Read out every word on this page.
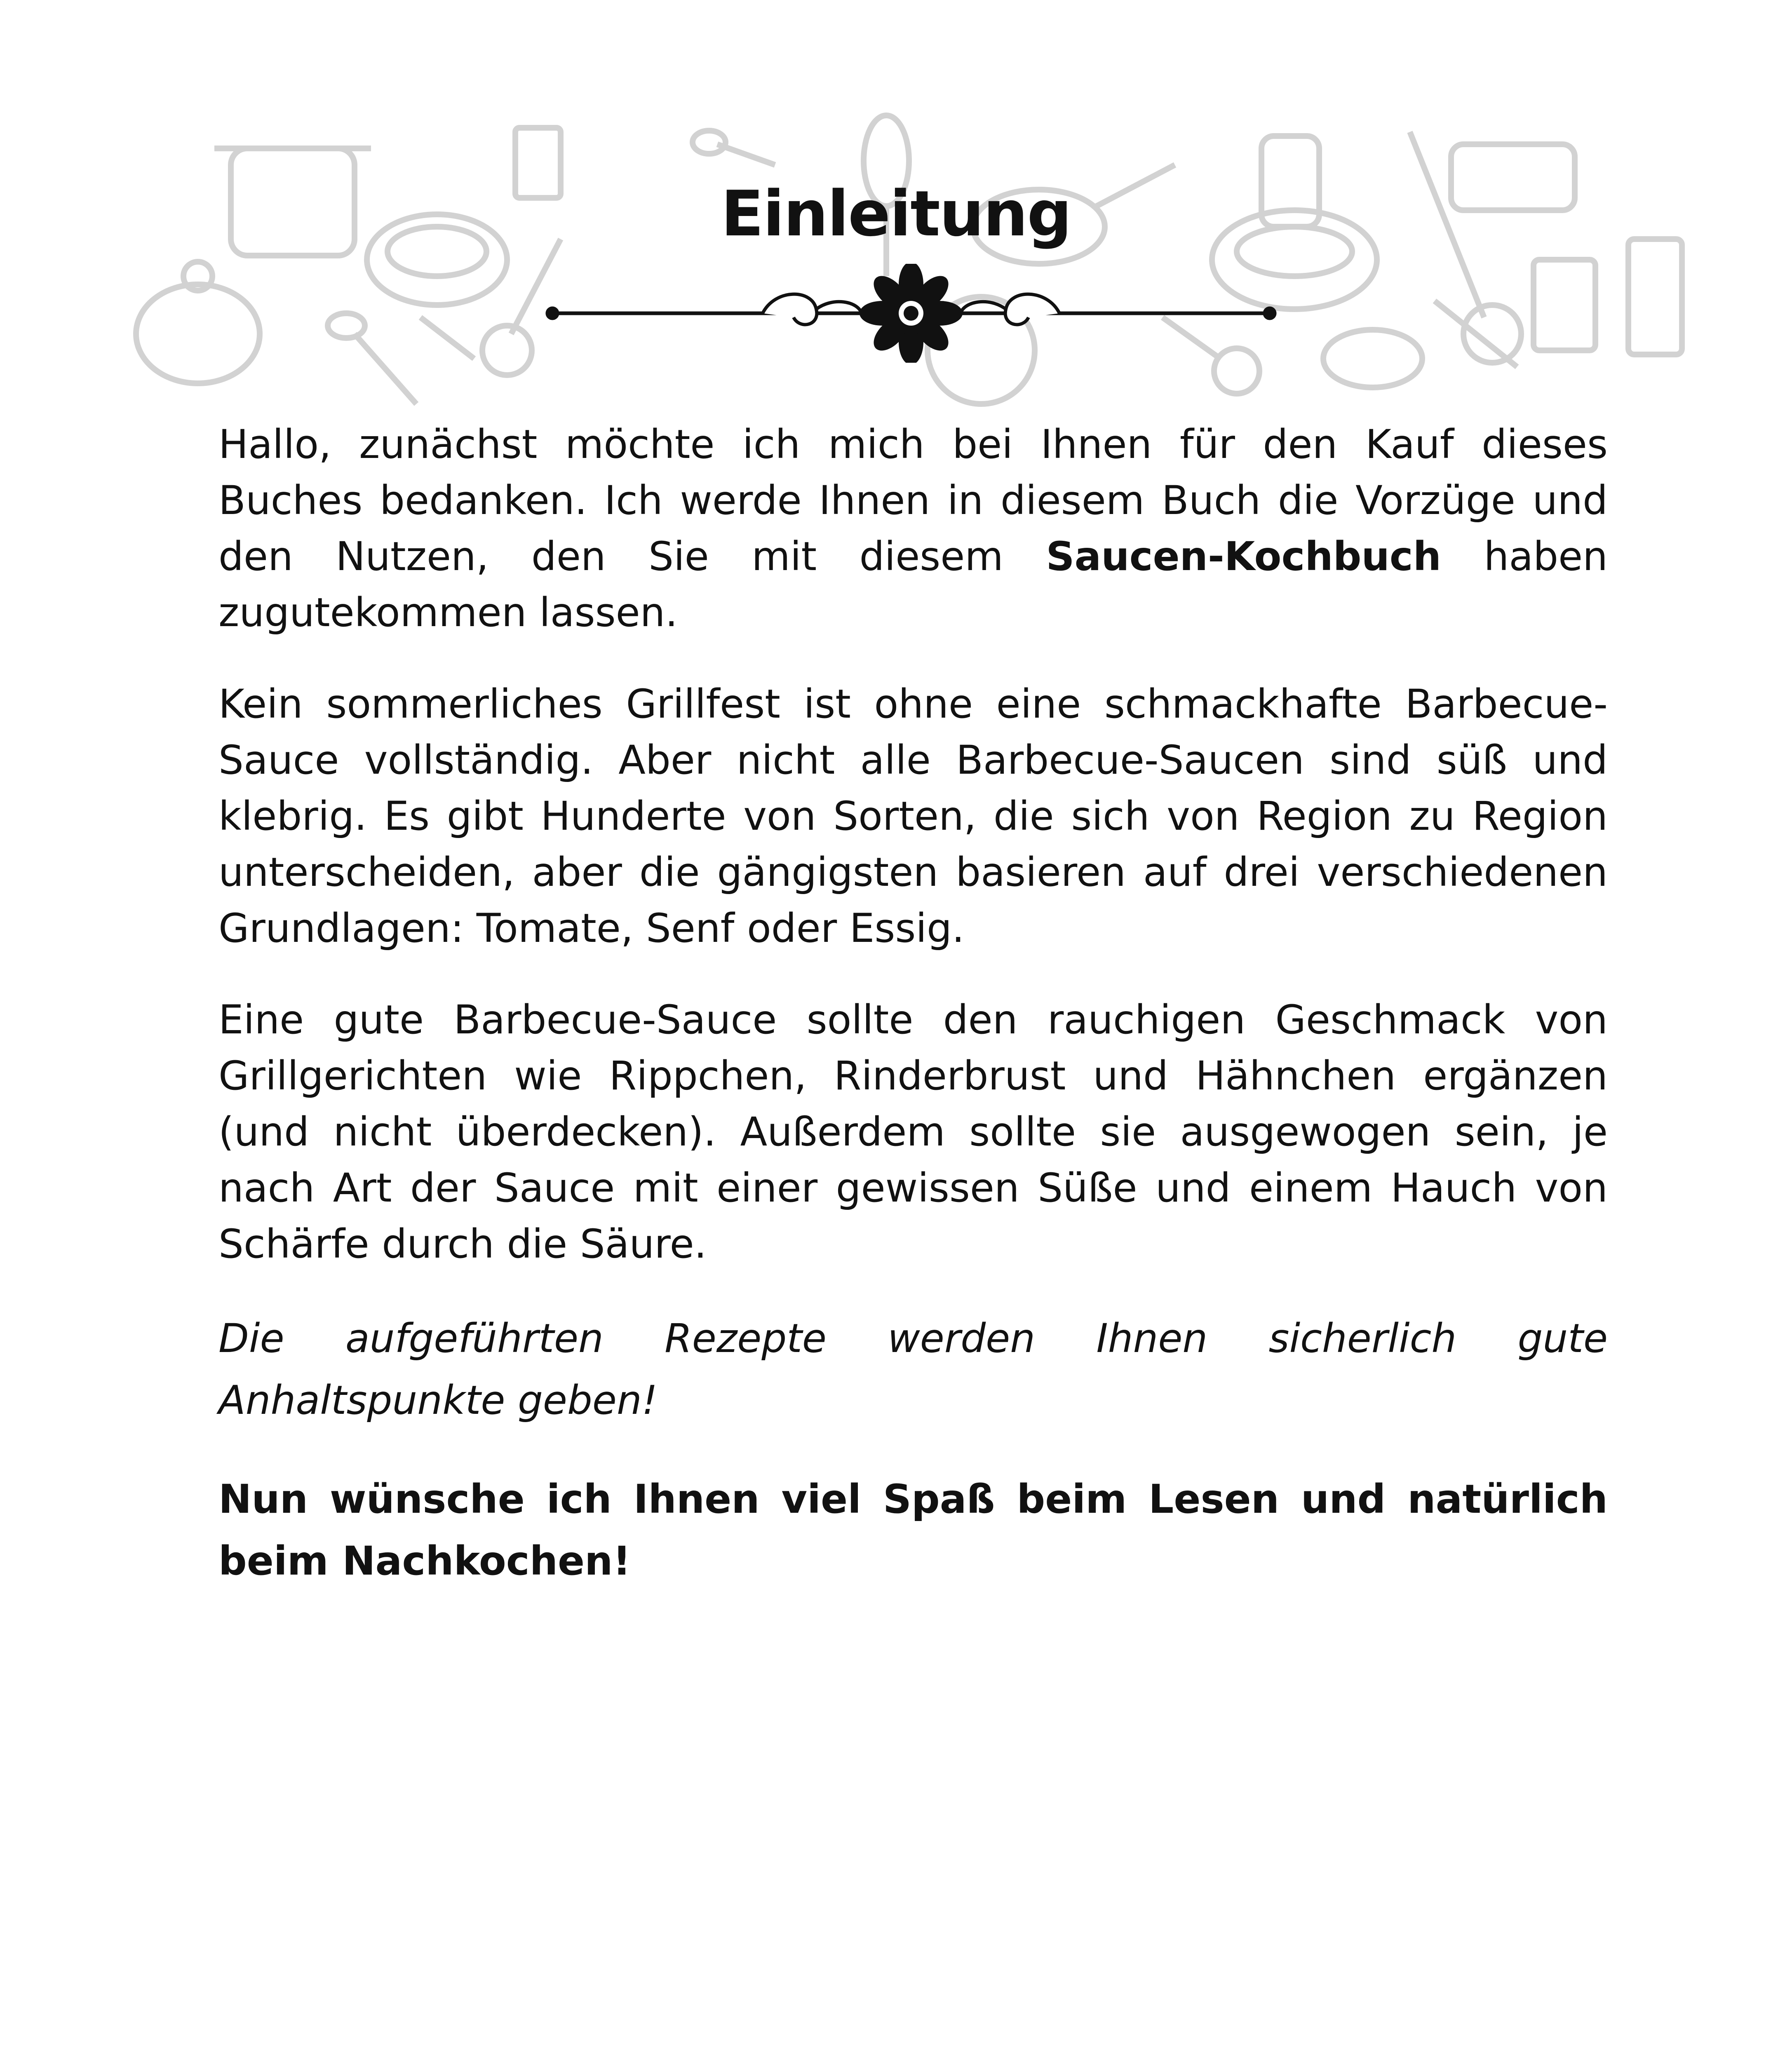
Einleitung

Hallo, zunächst möchte ich mich bei Ihnen für den Kauf dieses Buches bedanken. Ich werde Ihnen in diesem Buch die Vorzüge und den Nutzen, den Sie mit diesem Saucen-Kochbuch haben zugutekommen lassen.

Kein sommerliches Grillfest ist ohne eine schmackhafte Barbecue-Sauce vollständig. Aber nicht alle Barbecue-Saucen sind süß und klebrig. Es gibt Hunderte von Sorten, die sich von Region zu Region unterscheiden, aber die gängigsten basieren auf drei verschiedenen Grundlagen: Tomate, Senf oder Essig.

Eine gute Barbecue-Sauce sollte den rauchigen Geschmack von Grillgerichten wie Rippchen, Rinderbrust und Hähnchen ergänzen (und nicht überdecken). Außerdem sollte sie ausgewogen sein, je nach Art der Sauce mit einer gewissen Süße und einem Hauch von Schärfe durch die Säure.

Die aufgeführten Rezepte werden Ihnen sicherlich gute Anhaltspunkte geben!

Nun wünsche ich Ihnen viel Spaß beim Lesen und natürlich beim Nachkochen!
